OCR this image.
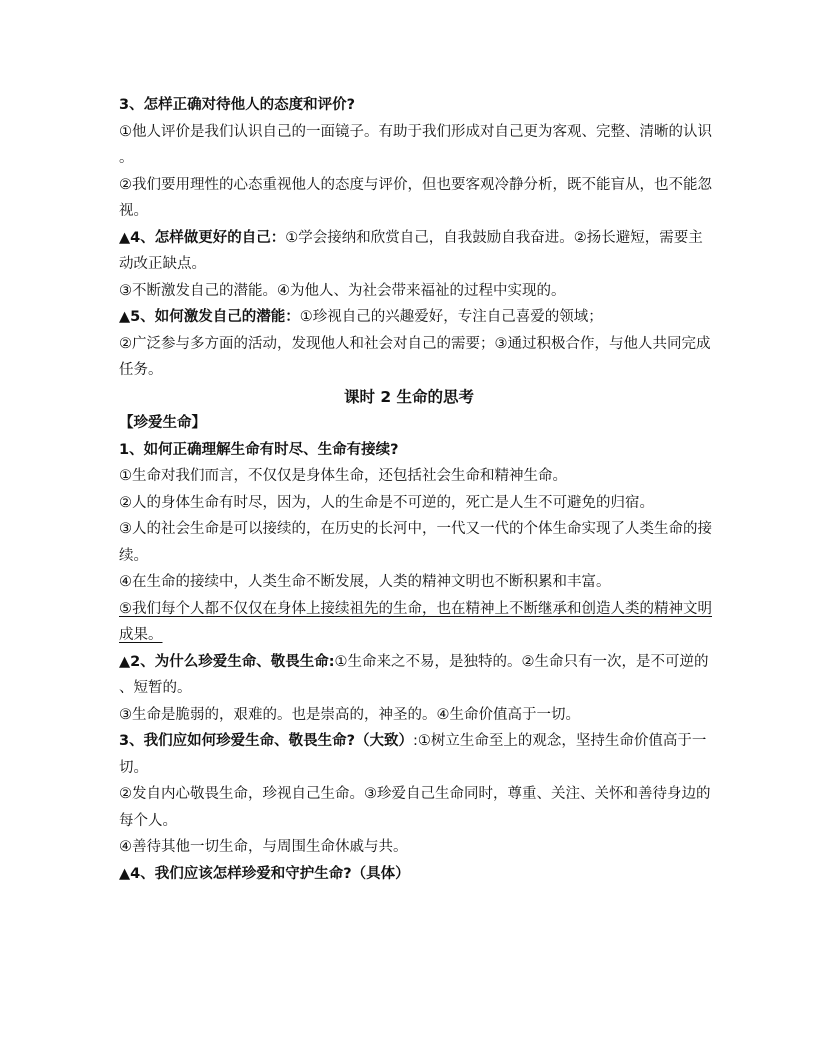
3、怎样正确对待他人的态度和评价?

①他人评价是我们认识自己的一面镜子。有助于我们形成对自己更为客观、完整、清晰的认识

。

②我们要用理性的心态重视他人的态度与评价，但也要客观冷静分析，既不能盲从，也不能忽

视。

▲4、怎样做更好的自己：①学会接纳和欣赏自己，自我鼓励自我奋进。②扬长避短，需要主

动改正缺点。

③不断激发自己的潜能。④为他人、为社会带来福祉的过程中实现的。

▲5、如何激发自己的潜能：①珍视自己的兴趣爱好，专注自己喜爱的领域；

②广泛参与多方面的活动，发现他人和社会对自己的需要；③通过积极合作，与他人共同完成

任务。

课时 2 生命的思考

【珍爱生命】

1、如何正确理解生命有时尽、生命有接续?

①生命对我们而言，不仅仅是身体生命，还包括社会生命和精神生命。

②人的身体生命有时尽，因为，人的生命是不可逆的，死亡是人生不可避免的归宿。

③人的社会生命是可以接续的，在历史的长河中，一代又一代的个体生命实现了人类生命的接

续。

④在生命的接续中，人类生命不断发展，人类的精神文明也不断积累和丰富。

⑤我们每个人都不仅仅在身体上接续祖先的生命，也在精神上不断继承和创造人类的精神文明

成果。

▲2、为什么珍爱生命、敬畏生命:①生命来之不易，是独特的。②生命只有一次，是不可逆的

、短暂的。

③生命是脆弱的，艰难的。也是崇高的，神圣的。④生命价值高于一切。

3、我们应如何珍爱生命、敬畏生命?（大致）:①树立生命至上的观念，坚持生命价值高于一

切。

②发自内心敬畏生命，珍视自己生命。③珍爱自己生命同时，尊重、关注、关怀和善待身边的

每个人。

④善待其他一切生命，与周围生命休戚与共。

▲4、我们应该怎样珍爱和守护生命?（具体）
